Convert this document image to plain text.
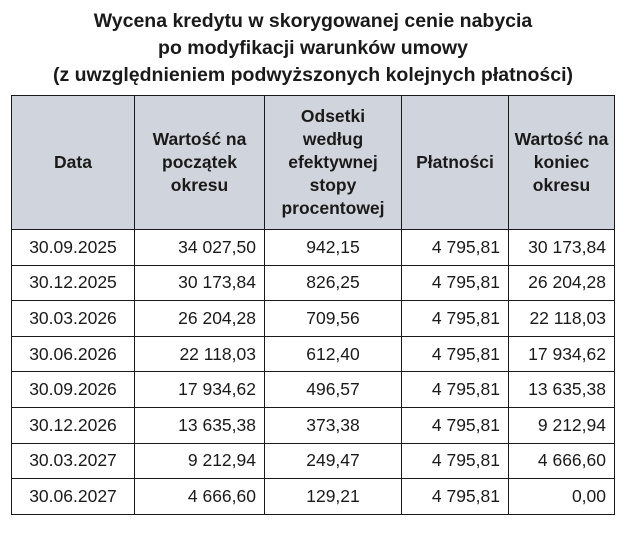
Wycena kredytu w skorygowanej cenie nabycia
po modyfikacji warunków umowy
(z uwzględnieniem podwyższonych kolejnych płatności)
Data	Wartość na początek okresu	Odsetki według efektywnej stopy procentowej	Płatności	Wartość na koniec okresu
30.09.2025	34 027,50	942,15	4 795,81	30 173,84
30.12.2025	30 173,84	826,25	4 795,81	26 204,28
30.03.2026	26 204,28	709,56	4 795,81	22 118,03
30.06.2026	22 118,03	612,40	4 795,81	17 934,62
30.09.2026	17 934,62	496,57	4 795,81	13 635,38
30.12.2026	13 635,38	373,38	4 795,81	9 212,94
30.03.2027	9 212,94	249,47	4 795,81	4 666,60
30.06.2027	4 666,60	129,21	4 795,81	0,00
